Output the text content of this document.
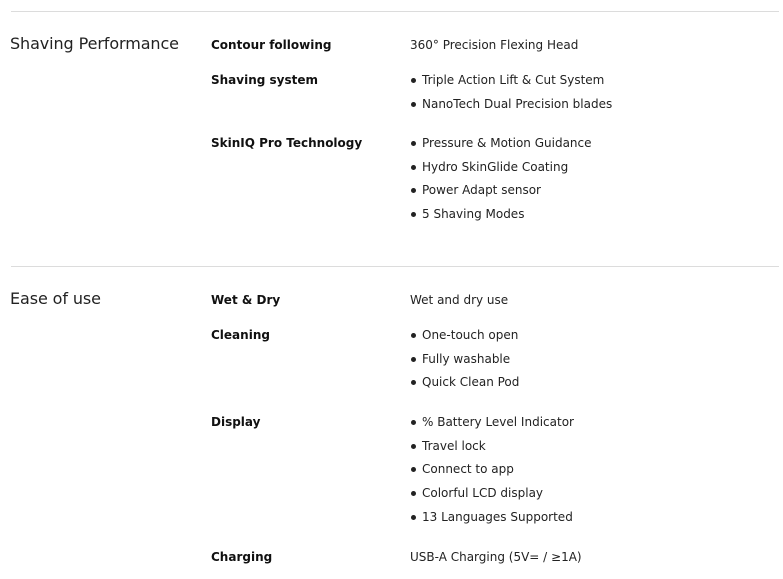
Shaving Performance	Contour following	360° Precision Flexing Head
Shaving system	Triple Action Lift & Cut System
NanoTech Dual Precision blades
SkinIQ Pro Technology	Pressure & Motion Guidance
Hydro SkinGlide Coating
Power Adapt sensor
5 Shaving Modes
Ease of use	Wet & Dry	Wet and dry use
Cleaning	One-touch open
Fully washable
Quick Clean Pod
Display	% Battery Level Indicator
Travel lock
Connect to app
Colorful LCD display
13 Languages Supported
Charging	USB-A Charging (5V= / ≥1A)
